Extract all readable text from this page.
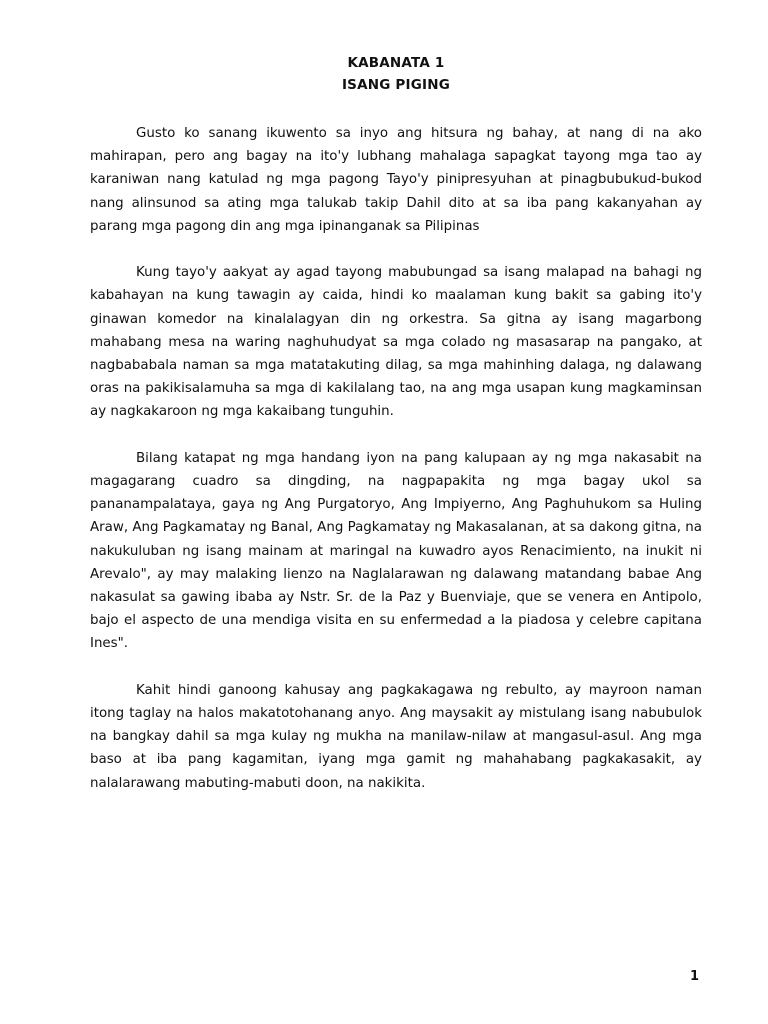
KABANATA 1
ISANG PIGING

Gusto ko sanang ikuwento sa inyo ang hitsura ng bahay, at nang di na ako mahirapan, pero ang bagay na ito'y lubhang mahalaga sapagkat tayong mga tao ay karaniwan nang katulad ng mga pagong Tayo'y pinipresyuhan at pinagbubukud-bukod nang alinsunod sa ating mga talukab takip Dahil dito at sa iba pang kakanyahan ay parang mga pagong din ang mga ipinanganak sa Pilipinas

Kung tayo'y aakyat ay agad tayong mabubungad sa isang malapad na bahagi ng kabahayan na kung tawagin ay caida, hindi ko maalaman kung bakit sa gabing ito'y ginawan komedor na kinalalagyan din ng orkestra. Sa gitna ay isang magarbong mahabang mesa na waring naghuhudyat sa mga colado ng masasarap na pangako, at nagbababala naman sa mga matatakuting dilag, sa mga mahinhing dalaga, ng dalawang oras na pakikisalamuha sa mga di kakilalang tao, na ang mga usapan kung magkaminsan ay nagkakaroon ng mga kakaibang tunguhin.

Bilang katapat ng mga handang iyon na pang kalupaan ay ng mga nakasabit na magagarang cuadro sa dingding, na nagpapakita ng mga bagay ukol sa pananampalataya, gaya ng Ang Purgatoryo, Ang Impiyerno, Ang Paghuhukom sa Huling Araw, Ang Pagkamatay ng Banal, Ang Pagkamatay ng Makasalanan, at sa dakong gitna, na nakukuluban ng isang mainam at maringal na kuwadro ayos Renacimiento, na inukit ni Arevalo", ay may malaking lienzo na Naglalarawan ng dalawang matandang babae Ang nakasulat sa gawing ibaba ay Nstr. Sr. de la Paz y Buenviaje, que se venera en Antipolo, bajo el aspecto de una mendiga visita en su enfermedad a la piadosa y celebre capitana Ines".

Kahit hindi ganoong kahusay ang pagkakagawa ng rebulto, ay mayroon naman itong taglay na halos makatotohanang anyo. Ang maysakit ay mistulang isang nabubulok na bangkay dahil sa mga kulay ng mukha na manilaw-nilaw at mangasul-asul. Ang mga baso at iba pang kagamitan, iyang mga gamit ng mahahabang pagkakasakit, ay nalalarawang mabuting-mabuti doon, na nakikita.

1
